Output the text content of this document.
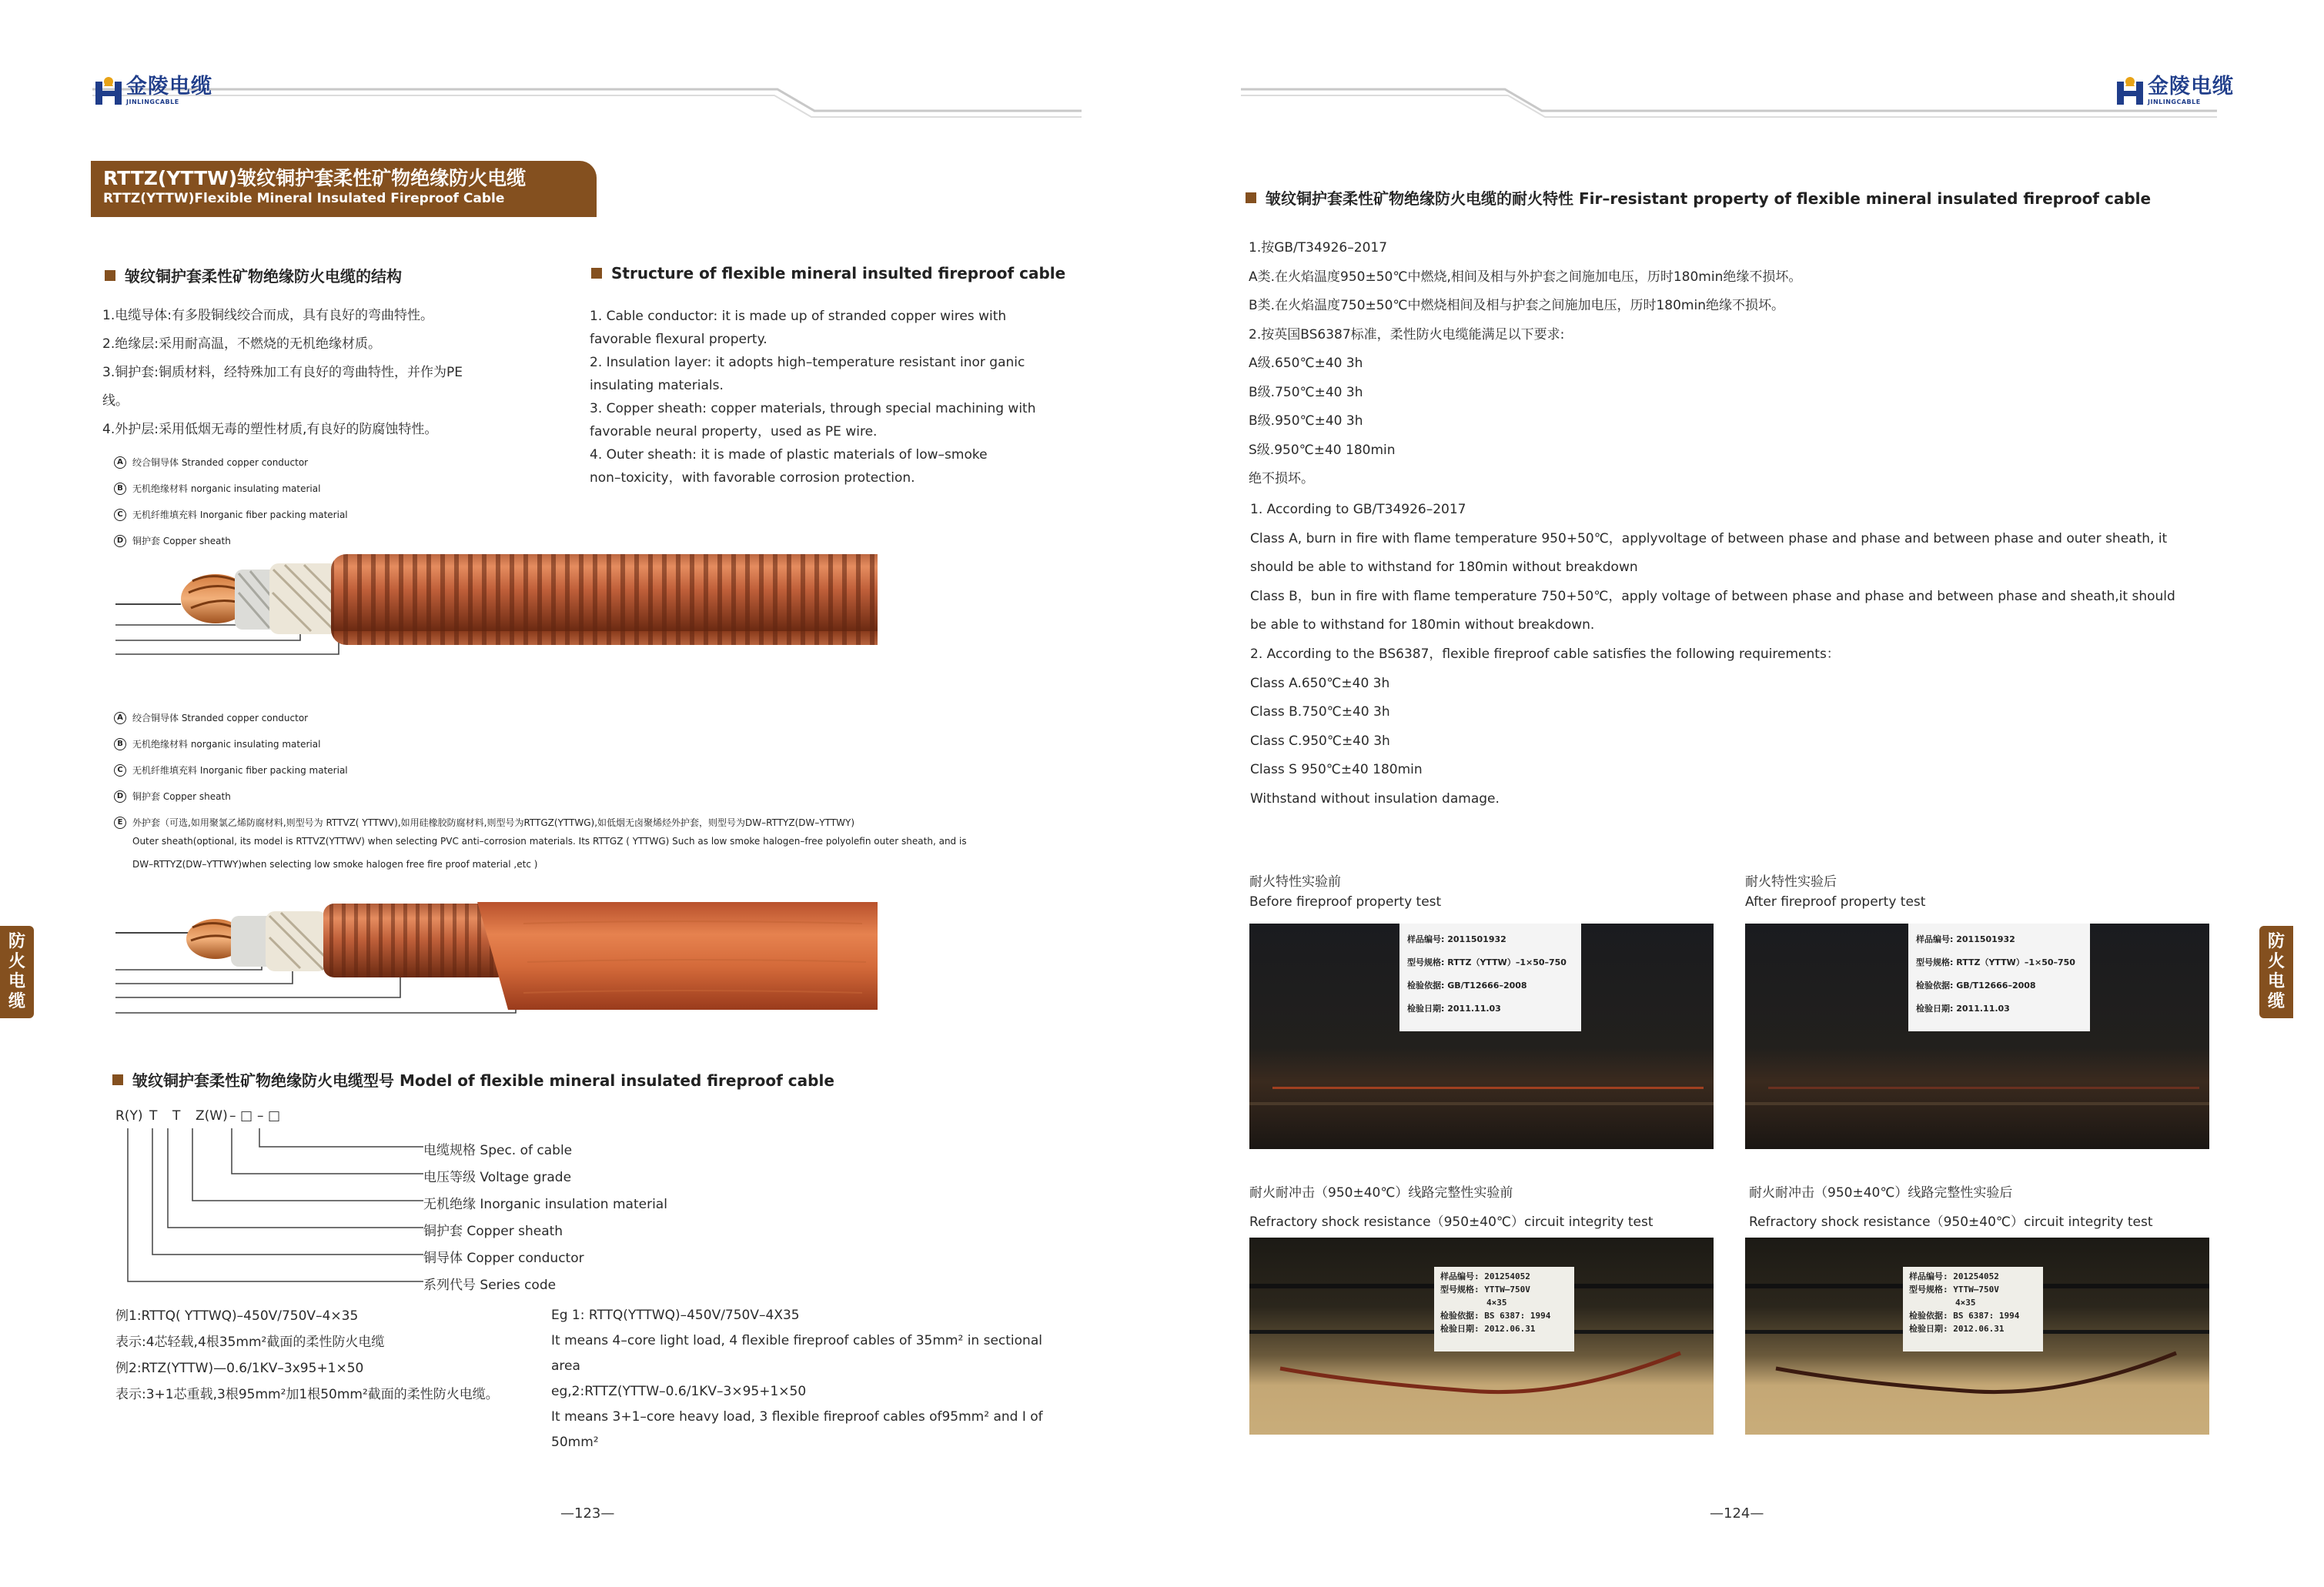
金陵电缆
JINLINGCABLE
金陵电缆
JINLINGCABLE
RTTZ(YTTW)皱纹铜护套柔性矿物绝缘防火电缆
RTTZ(YTTW)Flexible Mineral Insulated Fireproof Cable
皱纹铜护套柔性矿物绝缘防火电缆的结构	Structure of flexible mineral insulted fireproof cable
1.电缆导体:有多股铜线绞合而成，具有良好的弯曲特性。
2.绝缘层:采用耐高温，不燃烧的无机绝缘材质。
3.铜护套:铜质材料，经特殊加工有良好的弯曲特性，并作为PE
线。
4.外护层:采用低烟无毒的塑性材质,有良好的防腐蚀特性。
1. Cable conductor: it is made up of stranded copper wires with
favorable flexural property.
2. Insulation layer: it adopts high–temperature resistant inor ganic
insulating materials.
3. Copper sheath: copper materials, through special machining with
favorable neural property，used as PE wire.
4. Outer sheath: it is made of plastic materials of low–smoke
non–toxicity，with favorable corrosion protection.
A	绞合铜导体 Stranded copper conductor
B	无机绝缘材料 norganic insulating material
C	无机纤维填充料 Inorganic fiber packing material
D 铜护套 Copper sheath
A	绞合铜导体 Stranded copper conductor
B	无机绝缘材料 norganic insulating material
C	无机纤维填充料 Inorganic fiber packing material
D 铜护套 Copper sheath
E	外护套（可选,如用聚氯乙烯防腐材料,则型号为 RTTVZ( YTTWV),如用硅橡胶防腐材料,则型号为RTTGZ(YTTWG),如低烟无卤聚烯烃外护套，则型号为DW–RTTYZ(DW–YTTWY)
Outer sheath(optional, its model is RTTVZ(YTTWV) when selecting PVC anti–corrosion materials. Its RTTGZ ( YTTWG) Such as low smoke halogen–free polyolefin outer sheath, and is
DW–RTTYZ(DW–YTTWY)when selecting low smoke halogen free fire proof material ,etc )
皱纹铜护套柔性矿物绝缘防火电缆型号 Model of flexible mineral insulated fireproof cable
R(Y) T	T	Z(W) – □ – □
电缆规格 Spec. of cable
电压等级 Voltage grade
无机绝缘 Inorganic insulation material
铜护套 Copper sheath
铜导体 Copper conductor
系列代号 Series code
例1:RTTQ( YTTWQ)–450V/750V–4×35
表示:4芯轻载,4根35mm²截面的柔性防火电缆
例2:RTZ(YTTW)—0.6/1KV–3x95+1×50
表示:3+1芯重载,3根95mm²加1根50mm²截面的柔性防火电缆。
Eg 1: RTTQ(YTTWQ)–450V/750V–4X35
It means 4–core light load, 4 flexible fireproof cables of 35mm² in sectional
area
eg,2:RTTZ(YTTW–0.6/1KV–3×95+1×50
It means 3+1–core heavy load, 3 flexible fireproof cables of95mm² and I of
50mm²
—123—
防
火
电
缆
皱纹铜护套柔性矿物绝缘防火电缆的耐火特性 Fir–resistant property of flexible mineral insulated fireproof cable
1.按GB/T34926–2017
A类.在火焰温度950±50℃中燃烧,相间及相与外护套之间施加电压，历时180min绝缘不损坏。
B类.在火焰温度750±50℃中燃烧相间及相与护套之间施加电压，历时180min绝缘不损坏。
2.按英国BS6387标准，柔性防火电缆能满足以下要求:
A级.650℃±40 3h
B级.750℃±40 3h
B级.950℃±40 3h
S级.950℃±40 180min
绝不损坏。
1. According to GB/T34926–2017
Class A, burn in fire with flame temperature 950+50℃，applyvoltage of between phase and phase and between phase and outer sheath, it
should be able to withstand for 180min without breakdown
Class B，bun in fire with flame temperature 750+50℃，apply voltage of between phase and phase and between phase and sheath,it should
be able to withstand for 180min without breakdown.
2. According to the BS6387，flexible fireproof cable satisfies the following requirements：
Class A.650℃±40 3h
Class B.750℃±40 3h
Class C.950℃±40 3h
Class S 950℃±40 180min
Withstand without insulation damage.
耐火特性实验前
Before fireproof property test
耐火特性实验后
After fireproof property test
样品编号: 2011501932
型号规格: RTTZ（YTTW）–1×50–750
检验依据: GB/T12666–2008
检验日期: 2011.11.03
样品编号: 2011501932
型号规格: RTTZ（YTTW）–1×50–750
检验依据: GB/T12666–2008
检验日期: 2011.11.03
耐火耐冲击（950±40℃）线路完整性实验前
Refractory shock resistance（950±40℃）circuit integrity test
耐火耐冲击（950±40℃）线路完整性实验后
Refractory shock resistance（950±40℃）circuit integrity test
样品编号: 201254052
型号规格: YTTW–750V
4×35
检验依据: BS 6387: 1994
检验日期: 2012.06.31
样品编号: 201254052
型号规格: YTTW–750V
4×35
检验依据: BS 6387: 1994
检验日期: 2012.06.31
—124—
防
火
电
缆
